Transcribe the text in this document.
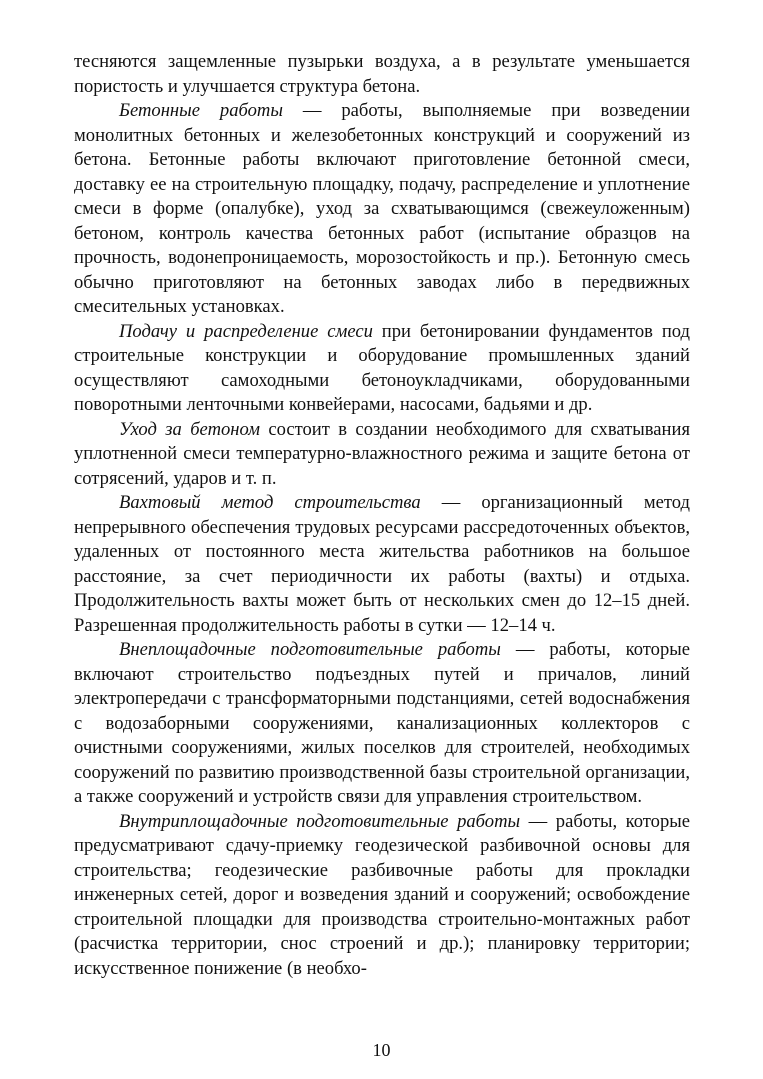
тесняются защемленные пузырьки воздуха, а в результате уменьшается пористость и улучшается структура бетона.

Бетонные работы — работы, выполняемые при возведении монолитных бетонных и железобетонных конструкций и сооружений из бетона. Бетонные работы включают приготовление бетонной смеси, доставку ее на строительную площадку, подачу, распределение и уплотнение смеси в форме (опалубке), уход за схватывающимся (свежеуложенным) бетоном, контроль качества бетонных работ (испытание образцов на прочность, водонепроницаемость, морозостойкость и пр.). Бетонную смесь обычно приготовляют на бетонных заводах либо в передвижных смесительных установках.

Подачу и распределение смеси при бетонировании фундаментов под строительные конструкции и оборудование промышленных зданий осуществляют самоходными бетоноукладчиками, оборудованными поворотными ленточными конвейерами, насосами, бадьями и др.

Уход за бетоном состоит в создании необходимого для схватывания уплотненной смеси температурно-влажностного режима и защите бетона от сотрясений, ударов и т. п.

Вахтовый метод строительства — организационный метод непрерывного обеспечения трудовых ресурсами рассредоточенных объектов, удаленных от постоянного места жительства работников на большое расстояние, за счет периодичности их работы (вахты) и отдыха. Продолжительность вахты может быть от нескольких смен до 12–15 дней. Разрешенная продолжительность работы в сутки — 12–14 ч.

Внеплощадочные подготовительные работы — работы, которые включают строительство подъездных путей и причалов, линий электропередачи с трансформаторными подстанциями, сетей водоснабжения с водозаборными сооружениями, канализационных коллекторов с очистными сооружениями, жилых поселков для строителей, необходимых сооружений по развитию производственной базы строительной организации, а также сооружений и устройств связи для управления строительством.

Внутриплощадочные подготовительные работы — работы, которые предусматривают сдачу-приемку геодезической разбивочной основы для строительства; геодезические разбивочные работы для прокладки инженерных сетей, дорог и возведения зданий и сооружений; освобождение строительной площадки для производства строительно-монтажных работ (расчистка территории, снос строений и др.); планировку территории; искусственное понижение (в необхо-

10
